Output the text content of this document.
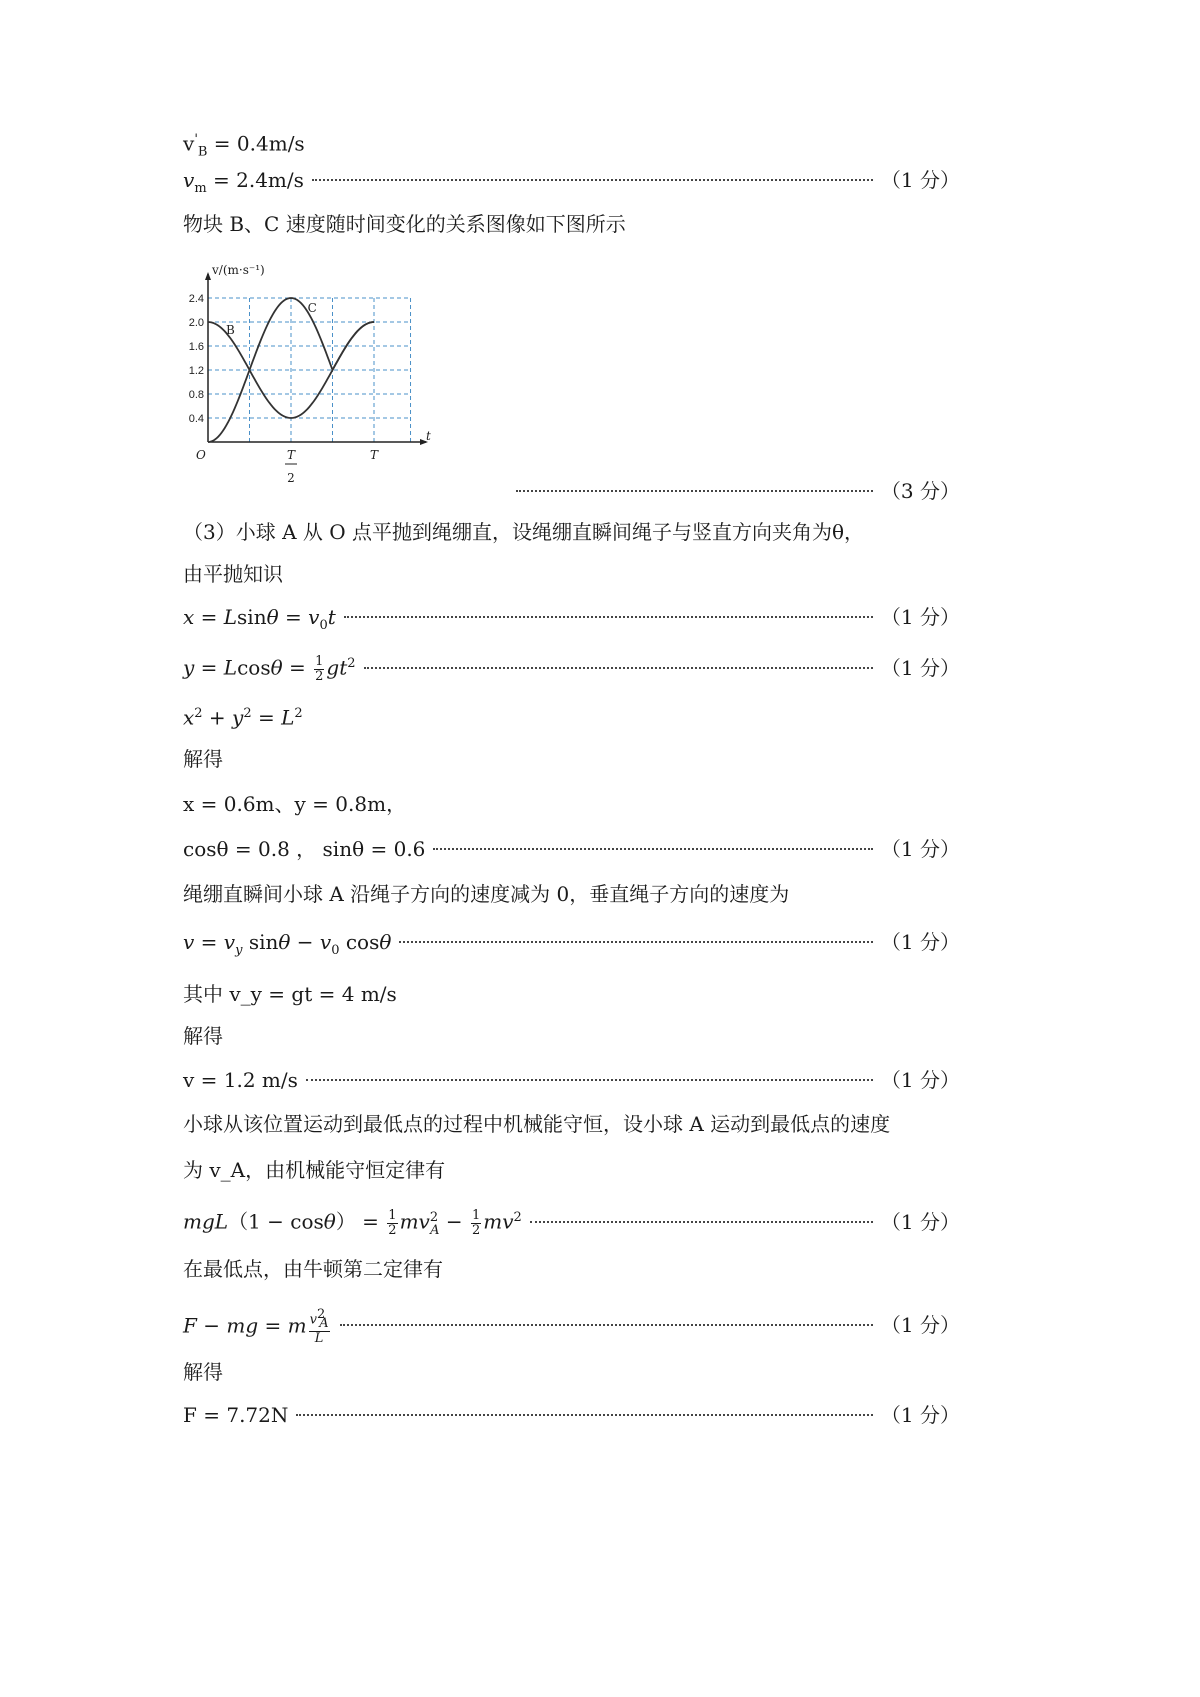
$v'_B = 0.4m/s$
$v_m = 2.4m/s$	（1 分）
物块 B、C 速度随时间变化的关系图像如下图所示
0.4
0.8
1.2
1.6
2.0
2.4
O	T
2
T
t
v/(m·s⁻¹)
B
C
（3 分）
（3）小球 A 从 O 点平抛到绳绷直，设绳绷直瞬间绳子与竖直方向夹角为θ，
由平抛知识
$x = Lsin\theta = v_0t$	（1 分）
$y = Lcos\theta = \frac{1}{2} gt^2$	（1 分）
$x^2 + y^2 = L^2$
解得
x = 0.6m、y = 0.8m，
cosθ = 0.8 ， sinθ = 0.6	（1 分）
绳绷直瞬间小球 A 沿绳子方向的速度减为 0，垂直绳子方向的速度为
$v = v_y$ $\sin\theta - v_0$ cosθ	（1 分）
其中 v_y = gt = 4 m/s
解得
v = 1.2 m/s	（1 分）
小球从该位置运动到最低点的过程中机械能守恒，设小球 A 运动到最低点的速度
为 v_A，由机械能守恒定律有
$mgL(1 - \cos\theta) = \frac{1}{2} mv^2_A - \frac{1}{2} mv^2$	（1 分）
在最低点，由牛顿第二定律有
F − mg = m $\frac{v^2_A}{L}$	（1 分）
解得
F = 7.72N	（1 分）
